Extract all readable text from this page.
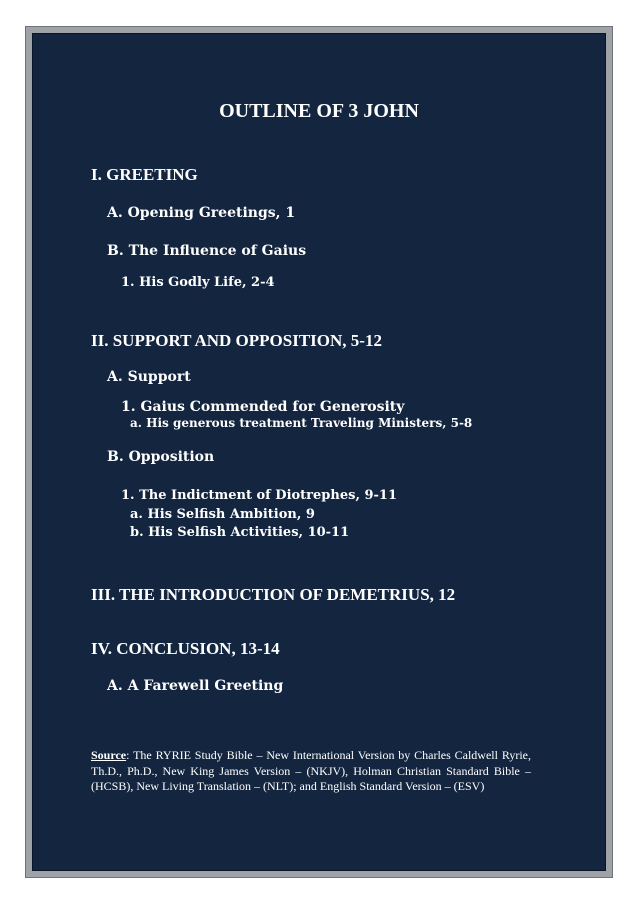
OUTLINE OF 3 JOHN
I. GREETING
A. Opening Greetings, 1
B. The Influence of Gaius
1. His Godly Life, 2-4
II. SUPPORT AND OPPOSITION, 5-12
A. Support
1. Gaius Commended for Generosity
a. His generous treatment Traveling Ministers, 5-8
B. Opposition
1. The Indictment of Diotrephes, 9-11
a. His Selfish Ambition, 9
b. His Selfish Activities, 10-11
III. THE INTRODUCTION OF DEMETRIUS, 12
IV. CONCLUSION, 13-14
A. A Farewell Greeting
Source: The RYRIE Study Bible – New International Version by Charles Caldwell Ryrie, Th.D., Ph.D., New King James Version – (NKJV), Holman Christian Standard Bible – (HCSB), New Living Translation – (NLT); and English Standard Version – (ESV)
